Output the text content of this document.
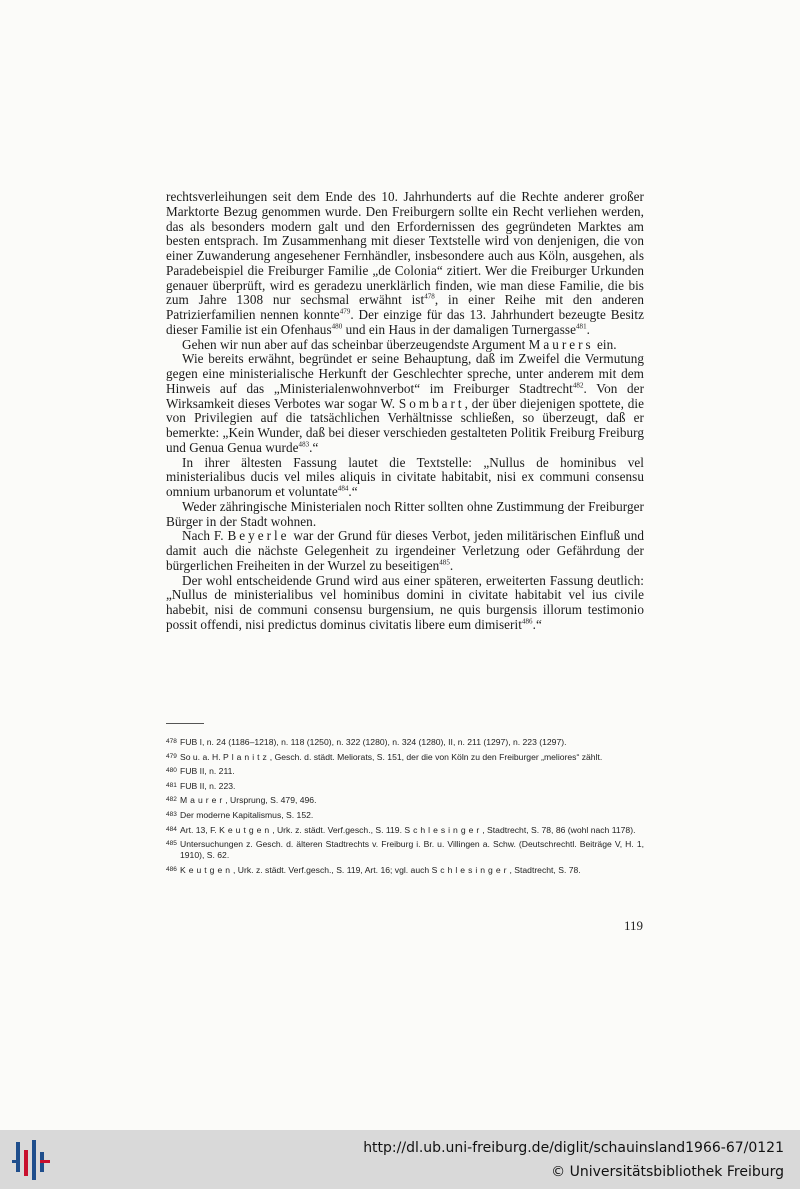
rechtsverleihungen seit dem Ende des 10. Jahrhunderts auf die Rechte anderer großer Marktorte Bezug genommen wurde. Den Freiburgern sollte ein Recht verliehen werden, das als besonders modern galt und den Erfordernissen des gegründeten Marktes am besten entsprach. Im Zusammenhang mit dieser Textstelle wird von denjenigen, die von einer Zuwanderung angesehener Fernhändler, insbesondere auch aus Köln, ausgehen, als Paradebeispiel die Freiburger Familie „de Colonia“ zitiert. Wer die Freiburger Urkunden genauer überprüft, wird es geradezu unerklärlich finden, wie man diese Familie, die bis zum Jahre 1308 nur sechsmal erwähnt ist$^{478}$, in einer Reihe mit den anderen Patrizierfamilien nennen konnte$^{479}$. Der einzige für das 13. Jahrhundert bezeugte Besitz dieser Familie ist ein Ofenhaus$^{480}$ und ein Haus in der damaligen Turnergasse$^{481}$.

Gehen wir nun aber auf das scheinbar überzeugendste Argument Maurers ein.

Wie bereits erwähnt, begründet er seine Behauptung, daß im Zweifel die Vermutung gegen eine ministerialische Herkunft der Geschlechter spreche, unter anderem mit dem Hinweis auf das „Ministerialenwohnverbot“ im Freiburger Stadtrecht$^{482}$. Von der Wirksamkeit dieses Verbotes war sogar W. Sombart, der über diejenigen spottete, die von Privilegien auf die tatsächlichen Verhältnisse schließen, so überzeugt, daß er bemerkte: „Kein Wunder, daß bei dieser verschieden gestalteten Politik Freiburg Freiburg und Genua Genua wurde$^{483}$.“

In ihrer ältesten Fassung lautet die Textstelle: „Nullus de hominibus vel ministerialibus ducis vel miles aliquis in civitate habitabit, nisi ex communi consensu omnium urbanorum et voluntate$^{484}$.“

Weder zähringische Ministerialen noch Ritter sollten ohne Zustimmung der Freiburger Bürger in der Stadt wohnen.

Nach F. Beyerle war der Grund für dieses Verbot, jeden militärischen Einfluß und damit auch die nächste Gelegenheit zu irgendeiner Verletzung oder Gefährdung der bürgerlichen Freiheiten in der Wurzel zu beseitigen$^{485}$.

Der wohl entscheidende Grund wird aus einer späteren, erweiterten Fassung deutlich: „Nullus de ministerialibus vel hominibus domini in civitate habitabit vel ius civile habebit, nisi de communi consensu burgensium, ne quis burgensis illorum testimonio possit offendi, nisi predictus dominus civitatis libere eum dimiserit$^{486}$.“

478 FUB I, n. 24 (1186–1218), n. 118 (1250), n. 322 (1280), n. 324 (1280), II, n. 211 (1297), n. 223 (1297).
479 So u. a. H. Planitz, Gesch. d. städt. Meliorats, S. 151, der die von Köln zu den Freiburger „meliores“ zählt.
480 FUB II, n. 211.
481 FUB II, n. 223.
482 Maurer, Ursprung, S. 479, 496.
483 Der moderne Kapitalismus, S. 152.
484 Art. 13, F. Keutgen, Urk. z. städt. Verf.gesch., S. 119. Schlesinger, Stadtrecht, S. 78, 86 (wohl nach 1178).
485 Untersuchungen z. Gesch. d. älteren Stadtrechts v. Freiburg i. Br. u. Villingen a. Schw. (Deutschrechtl. Beiträge V, H. 1, 1910), S. 62.
486 Keutgen, Urk. z. städt. Verf.gesch., S. 119, Art. 16; vgl. auch Schlesinger, Stadtrecht, S. 78.
119
http://dl.ub.uni-freiburg.de/diglit/schauinsland1966-67/0121
© Universitätsbibliothek Freiburg
